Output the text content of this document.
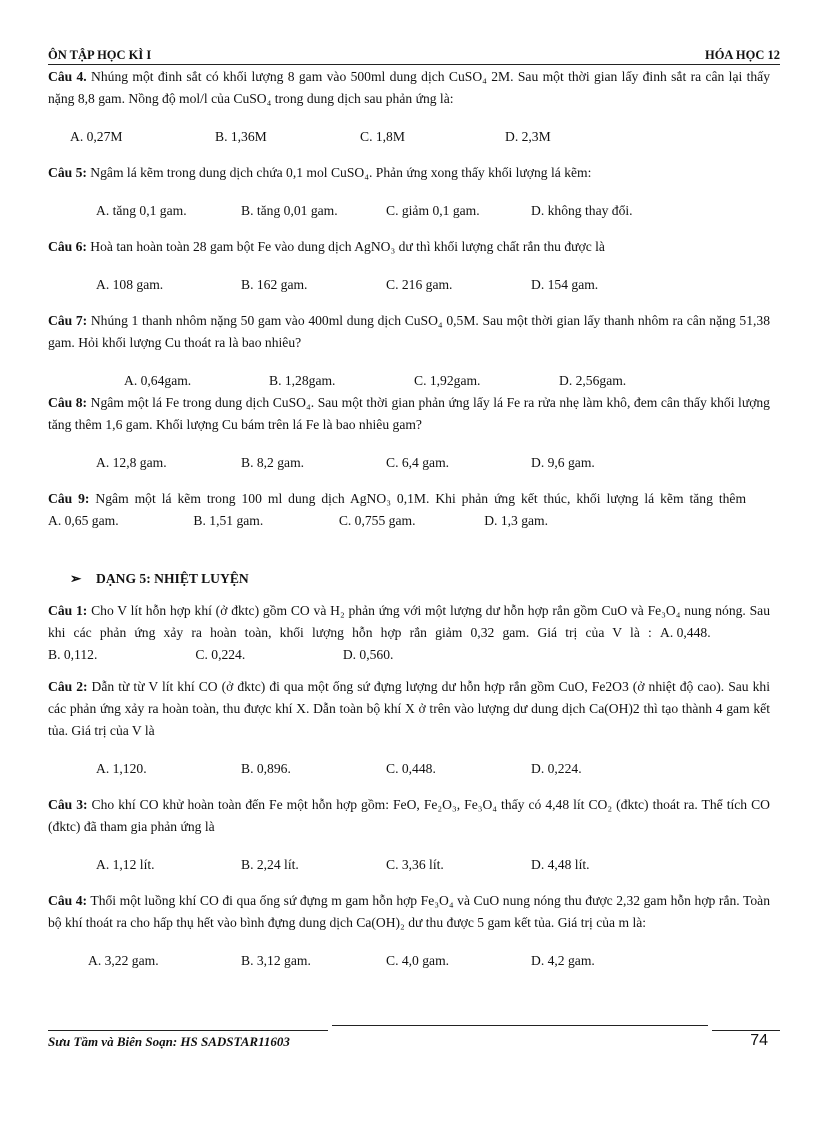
ÔN TẬP HỌC KÌ I	HÓA HỌC 12
Câu 4. Nhúng một đinh sắt có khối lượng 8 gam vào 500ml dung dịch CuSO₄ 2M. Sau một thời gian lấy đinh sắt ra cân lại thấy nặng 8,8 gam. Nồng độ mol/l của CuSO₄ trong dung dịch sau phản ứng là:
A. 0,27M	B. 1,36M	C. 1,8M	D. 2,3M
Câu 5: Ngâm lá kẽm trong dung dịch chứa 0,1 mol CuSO₄. Phản ứng xong thấy khối lượng lá kẽm:
A. tăng 0,1 gam.	B. tăng 0,01 gam.	C. giảm 0,1 gam.	D. không thay đổi.
Câu 6: Hoà tan hoàn toàn 28 gam bột Fe vào dung dịch AgNO₃ dư thì khối lượng chất rắn thu được là
A. 108 gam.	B. 162 gam.	C. 216 gam.	D. 154 gam.
Câu 7: Nhúng 1 thanh nhôm nặng 50 gam vào 400ml dung dịch CuSO₄ 0,5M. Sau một thời gian lấy thanh nhôm ra cân nặng 51,38 gam. Hỏi khối lượng Cu thoát ra là bao nhiêu?
A. 0,64gam.	B. 1,28gam.	C. 1,92gam.	D. 2,56gam.
Câu 8: Ngâm một lá Fe trong dung dịch CuSO₄. Sau một thời gian phản ứng lấy lá Fe ra rửa nhẹ làm khô, đem cân thấy khối lượng tăng thêm 1,6 gam. Khối lượng Cu bám trên lá Fe là bao nhiêu gam?
A. 12,8 gam.	B. 8,2 gam.	C. 6,4 gam.	D. 9,6 gam.
Câu 9: Ngâm một lá kẽm trong 100 ml dung dịch AgNO₃ 0,1M. Khi phản ứng kết thúc, khối lượng lá kẽm tăng thêm  A. 0,65 gam.	B. 1,51 gam.	C. 0,755 gam.	D. 1,3 gam.
➢ DẠNG 5: NHIỆT LUYỆN
Câu 1: Cho V lít hỗn hợp khí (ở đktc) gồm CO và H₂ phản ứng với một lượng dư hỗn hợp rắn gồm CuO và Fe₃O₄ nung nóng. Sau khi các phản ứng xảy ra hoàn toàn, khối lượng hỗn hợp rắn giảm 0,32 gam. Giá trị của V là : A. 0,448. B. 0,112.	C. 0,224.	D. 0,560.
Câu 2: Dẫn từ từ V lít khí CO (ở đktc) đi qua một ống sứ đựng lượng dư hỗn hợp rắn gồm CuO, Fe2O3 (ở nhiệt độ cao). Sau khi các phản ứng xảy ra hoàn toàn, thu được khí X. Dẫn toàn bộ khí X ở trên vào lượng dư dung dịch Ca(OH)2 thì tạo thành 4 gam kết tủa. Giá trị của V là
A. 1,120.	B. 0,896.	C. 0,448.	D. 0,224.
Câu 3: Cho khí CO khử hoàn toàn đến Fe một hỗn hợp gồm: FeO, Fe₂O₃, Fe₃O₄ thấy có 4,48 lít CO₂ (đktc) thoát ra. Thể tích CO (đktc) đã tham gia phản ứng là
A. 1,12 lít.	B. 2,24 lít.	C. 3,36 lít.	D. 4,48 lít.
Câu 4: Thổi một luồng khí CO đi qua ống sứ đựng m gam hỗn hợp Fe₃O₄ và CuO nung nóng thu được 2,32 gam hỗn hợp rắn. Toàn bộ khí thoát ra cho hấp thụ hết vào bình đựng dung dịch Ca(OH)₂ dư thu được 5 gam kết tủa. Giá trị của m là:
A. 3,22 gam.	B. 3,12 gam.	C. 4,0 gam.	D. 4,2 gam.
Sưu Tầm và Biên Soạn: HS SADSTAR11603	74
